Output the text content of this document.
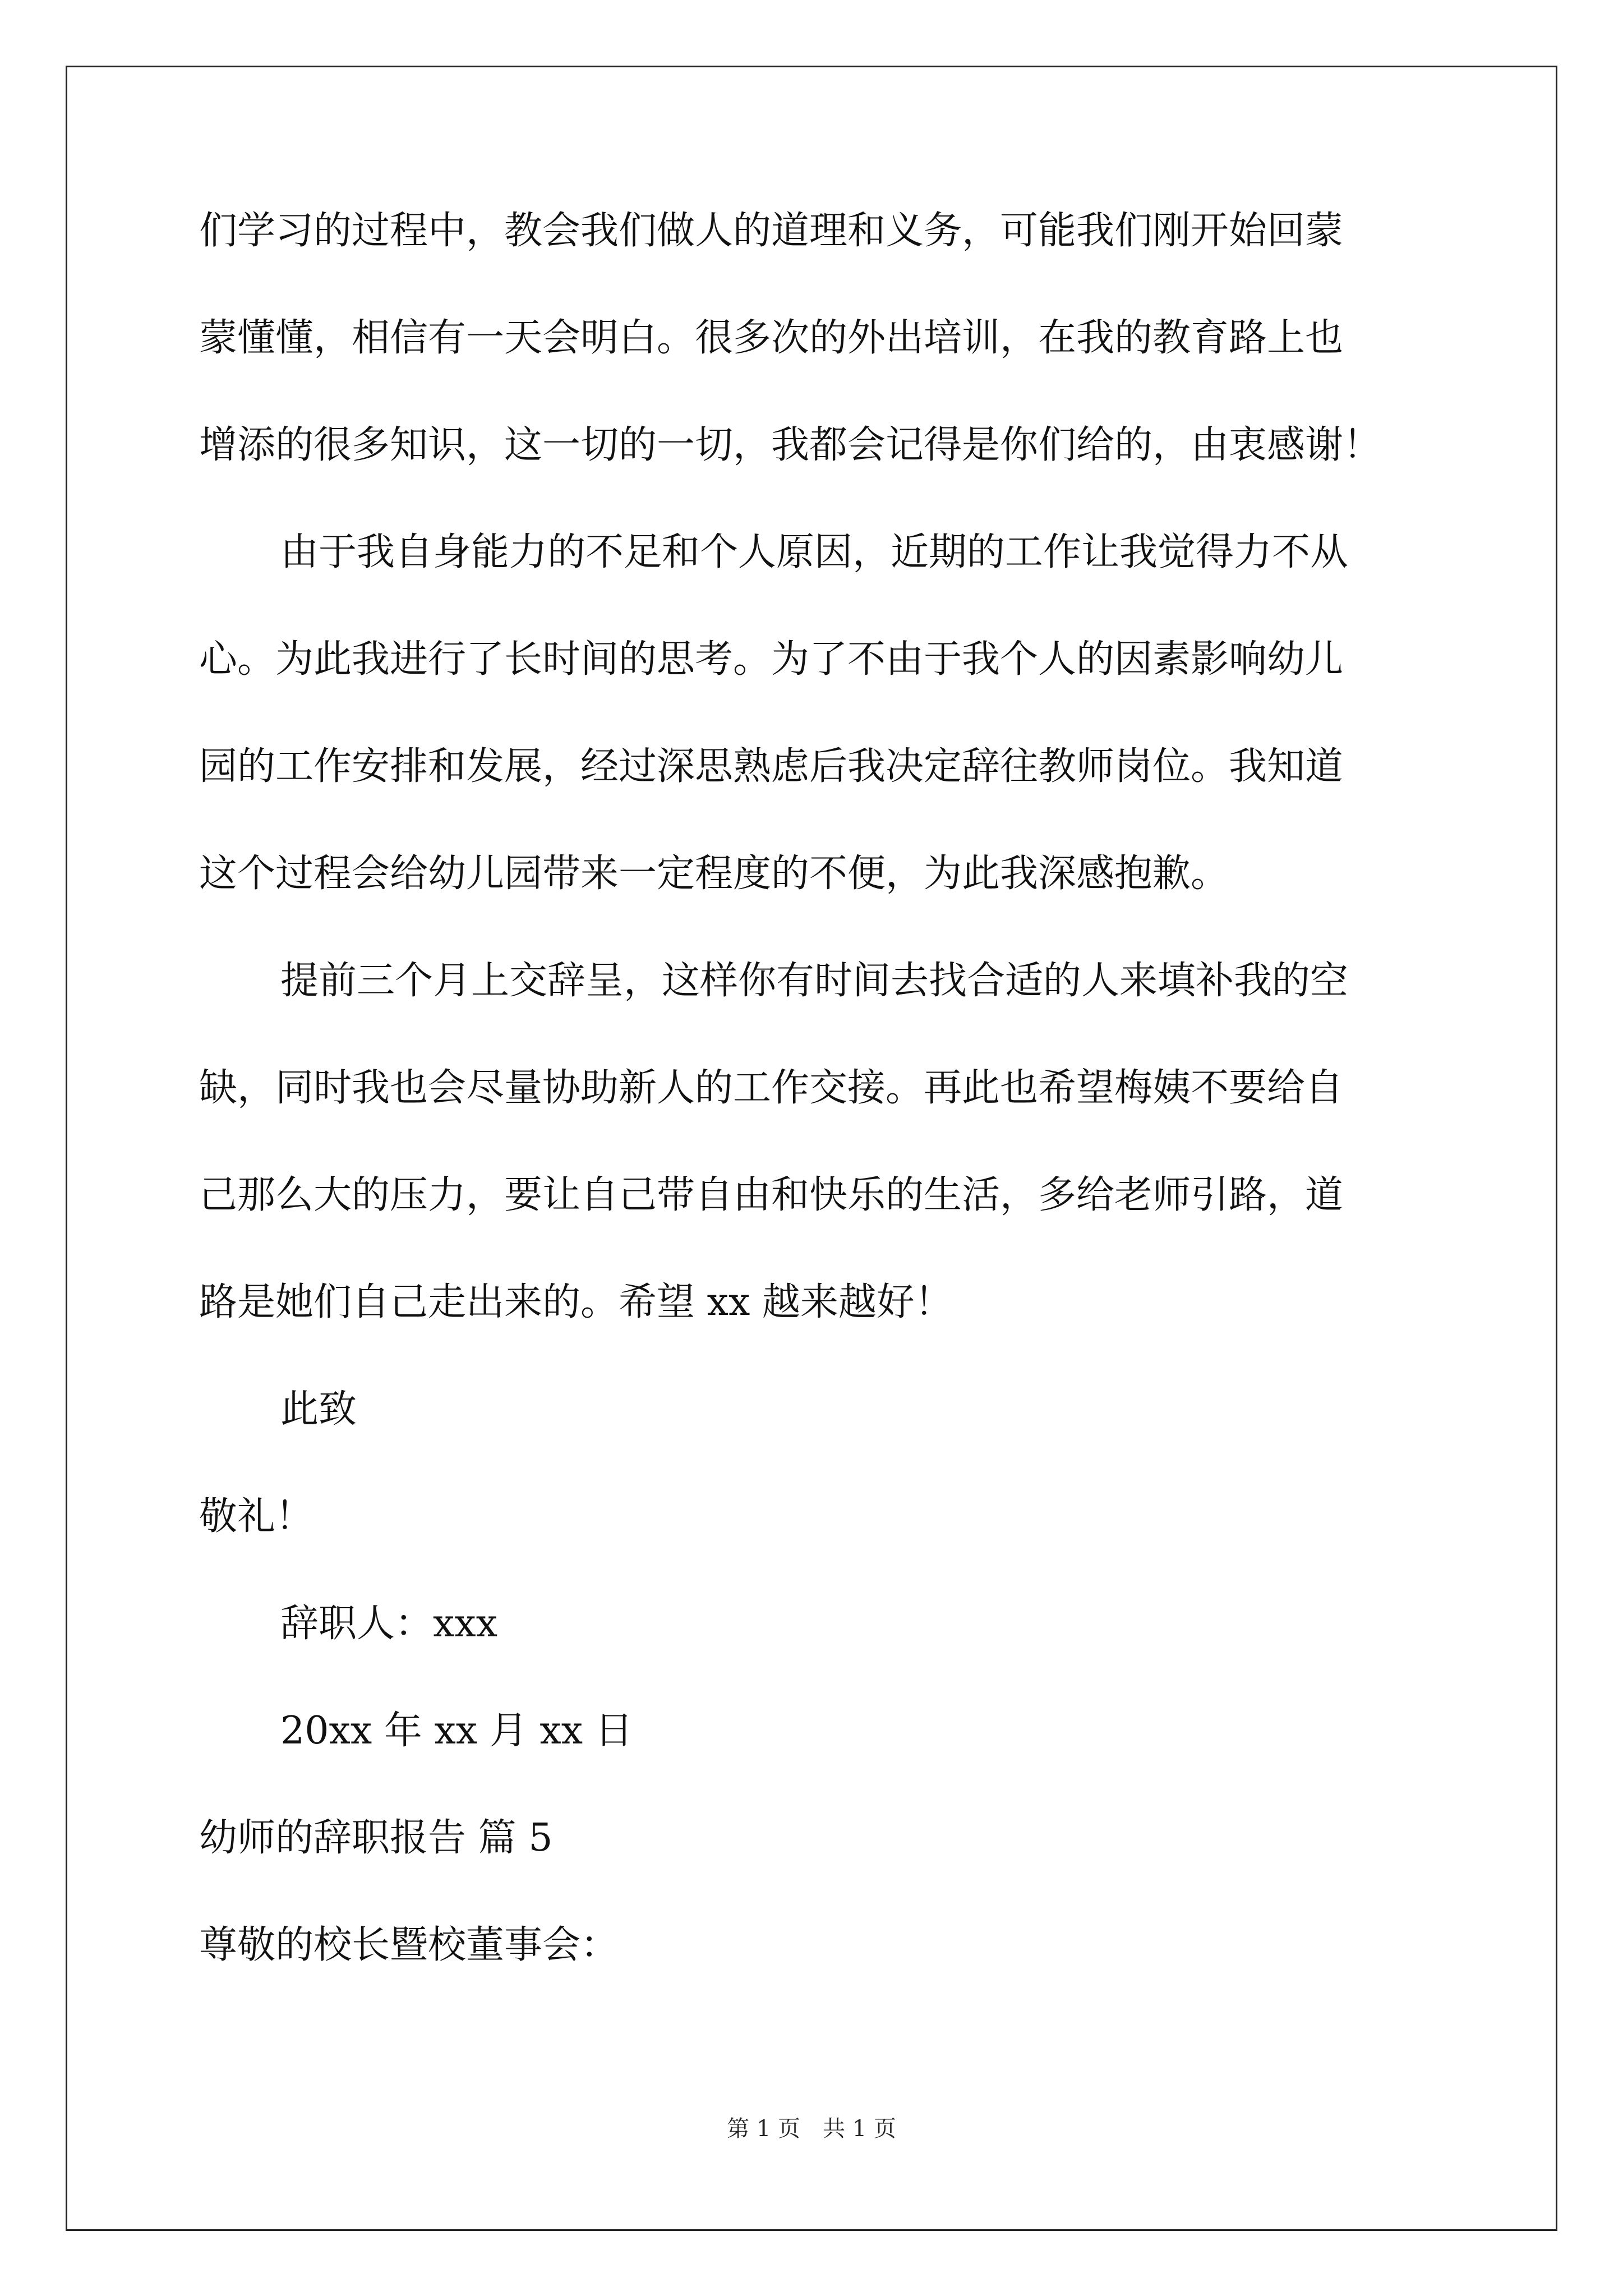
们学习的过程中，教会我们做人的道理和义务，可能我们刚开始回蒙
蒙懂懂，相信有一天会明白。很多次的外出培训，在我的教育路上也
增添的很多知识，这一切的一切，我都会记得是你们给的，由衷感谢！
由于我自身能力的不足和个人原因，近期的工作让我觉得力不从
心。为此我进行了长时间的思考。为了不由于我个人的因素影响幼儿
园的工作安排和发展，经过深思熟虑后我决定辞往教师岗位。我知道
这个过程会给幼儿园带来一定程度的不便，为此我深感抱歉。
提前三个月上交辞呈，这样你有时间去找合适的人来填补我的空
缺，同时我也会尽量协助新人的工作交接。再此也希望梅姨不要给自
己那么大的压力，要让自己带自由和快乐的生活，多给老师引路，道
路是她们自己走出来的。希望 xx 越来越好！
此致
敬礼！
辞职人：xxx
20xx 年 xx 月 xx 日
幼师的辞职报告 篇 5
尊敬的校长暨校董事会：
第 1 页　共 1 页
